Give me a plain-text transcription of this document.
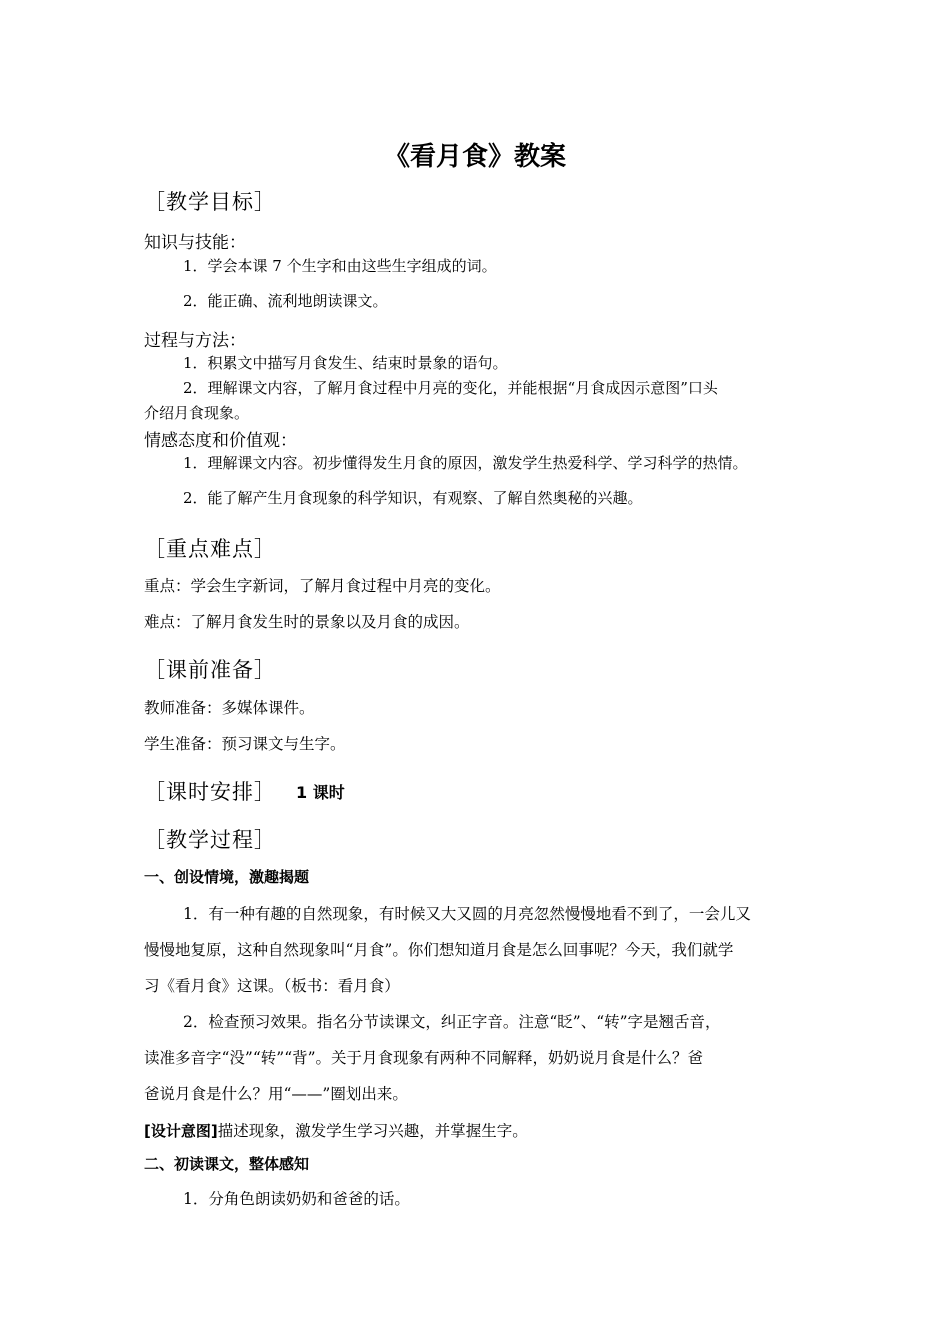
《看月食》教案
［教学目标］
知识与技能：
1．学会本课 7 个生字和由这些生字组成的词。
2．能正确、流利地朗读课文。
过程与方法：
1．积累文中描写月食发生、结束时景象的语句。
2．理解课文内容，了解月食过程中月亮的变化，并能根据“月食成因示意图”口头
介绍月食现象。
情感态度和价值观：
1．理解课文内容。初步懂得发生月食的原因，激发学生热爱科学、学习科学的热情。
2．能了解产生月食现象的科学知识，有观察、了解自然奥秘的兴趣。
［重点难点］
重点：学会生字新词，了解月食过程中月亮的变化。
难点：了解月食发生时的景象以及月食的成因。
［课前准备］
教师准备：多媒体课件。
学生准备：预习课文与生字。
［课时安排］ 1 课时
［教学过程］
一、创设情境，激趣揭题
1．有一种有趣的自然现象，有时候又大又圆的月亮忽然慢慢地看不到了，一会儿又
慢慢地复原，这种自然现象叫“月食”。你们想知道月食是怎么回事呢？今天，我们就学
习《看月食》这课。（板书：看月食）
2．检查预习效果。指名分节读课文，纠正字音。注意“眨”、“转”字是翘舌音，
读准多音字“没”“转”“背”。关于月食现象有两种不同解释，奶奶说月食是什么？爸
爸说月食是什么？用“——”圈划出来。
[设计意图]描述现象，激发学生学习兴趣，并掌握生字。
二、初读课文，整体感知
1．分角色朗读奶奶和爸爸的话。
